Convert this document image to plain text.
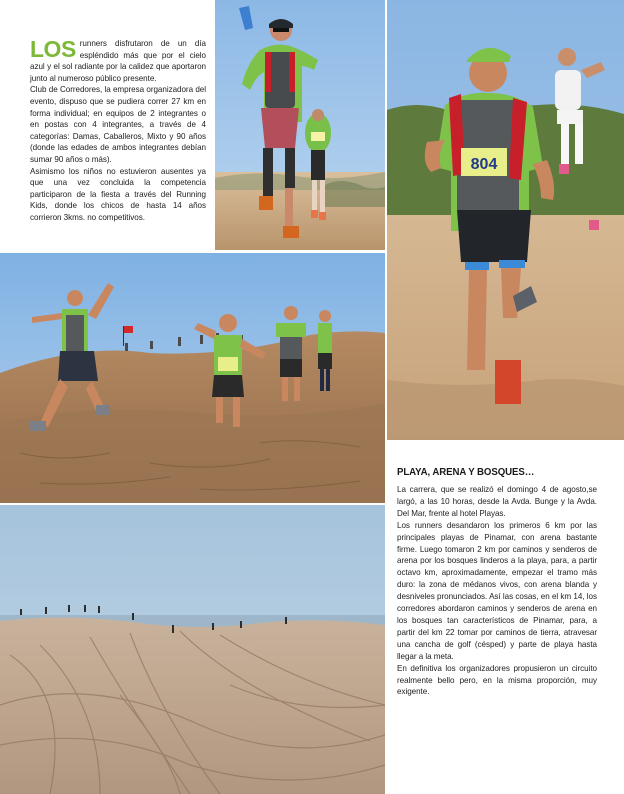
804

LOS runners disfrutaron de un día espléndido más que por el cielo azul y el sol radiante por la calidez que aportaron junto al numeroso público presente.

Club de Corredores, la empresa organizadora del evento, dispuso que se pudiera correr 27 km en forma individual; en equipos de 2 integrantes o en postas con 4 integrantes, a través de 4 categorías: Damas, Caballeros, Mixto y 90 años (donde las edades de ambos integrantes debían sumar 90 años o más).

Asimismo los niños no estuvieron ausentes ya que una vez concluida la competencia participaron de la fiesta a través del Running Kids, donde los chicos de hasta 14 años corrieron 3kms. no competitivos.

PLAYA, ARENA Y BOSQUES…

La carrera, que se realizó el domingo 4 de agosto,se largó, a las 10 horas, desde la Avda. Bunge y la Avda. Del Mar, frente al hotel Playas.

Los runners desandaron los primeros 6 km por las principales playas de Pinamar, con arena bastante firme. Luego tomaron 2 km por caminos y senderos de arena por los bosques linderos a la playa, para, a partir octavo km, aproximadamente, empezar el tramo más duro: la zona de médanos vivos, con arena blanda y desniveles pronunciados. Así las cosas, en el km 14, los corredores abordaron caminos y senderos de arena en los bosques tan característicos de Pinamar, para, a partir del km 22 tomar por caminos de tierra, atravesar una cancha de golf (césped) y parte de playa hasta llegar a la meta.

En definitiva los organizadores propusieron un circuito realmente bello pero, en la misma proporción, muy exigente.
